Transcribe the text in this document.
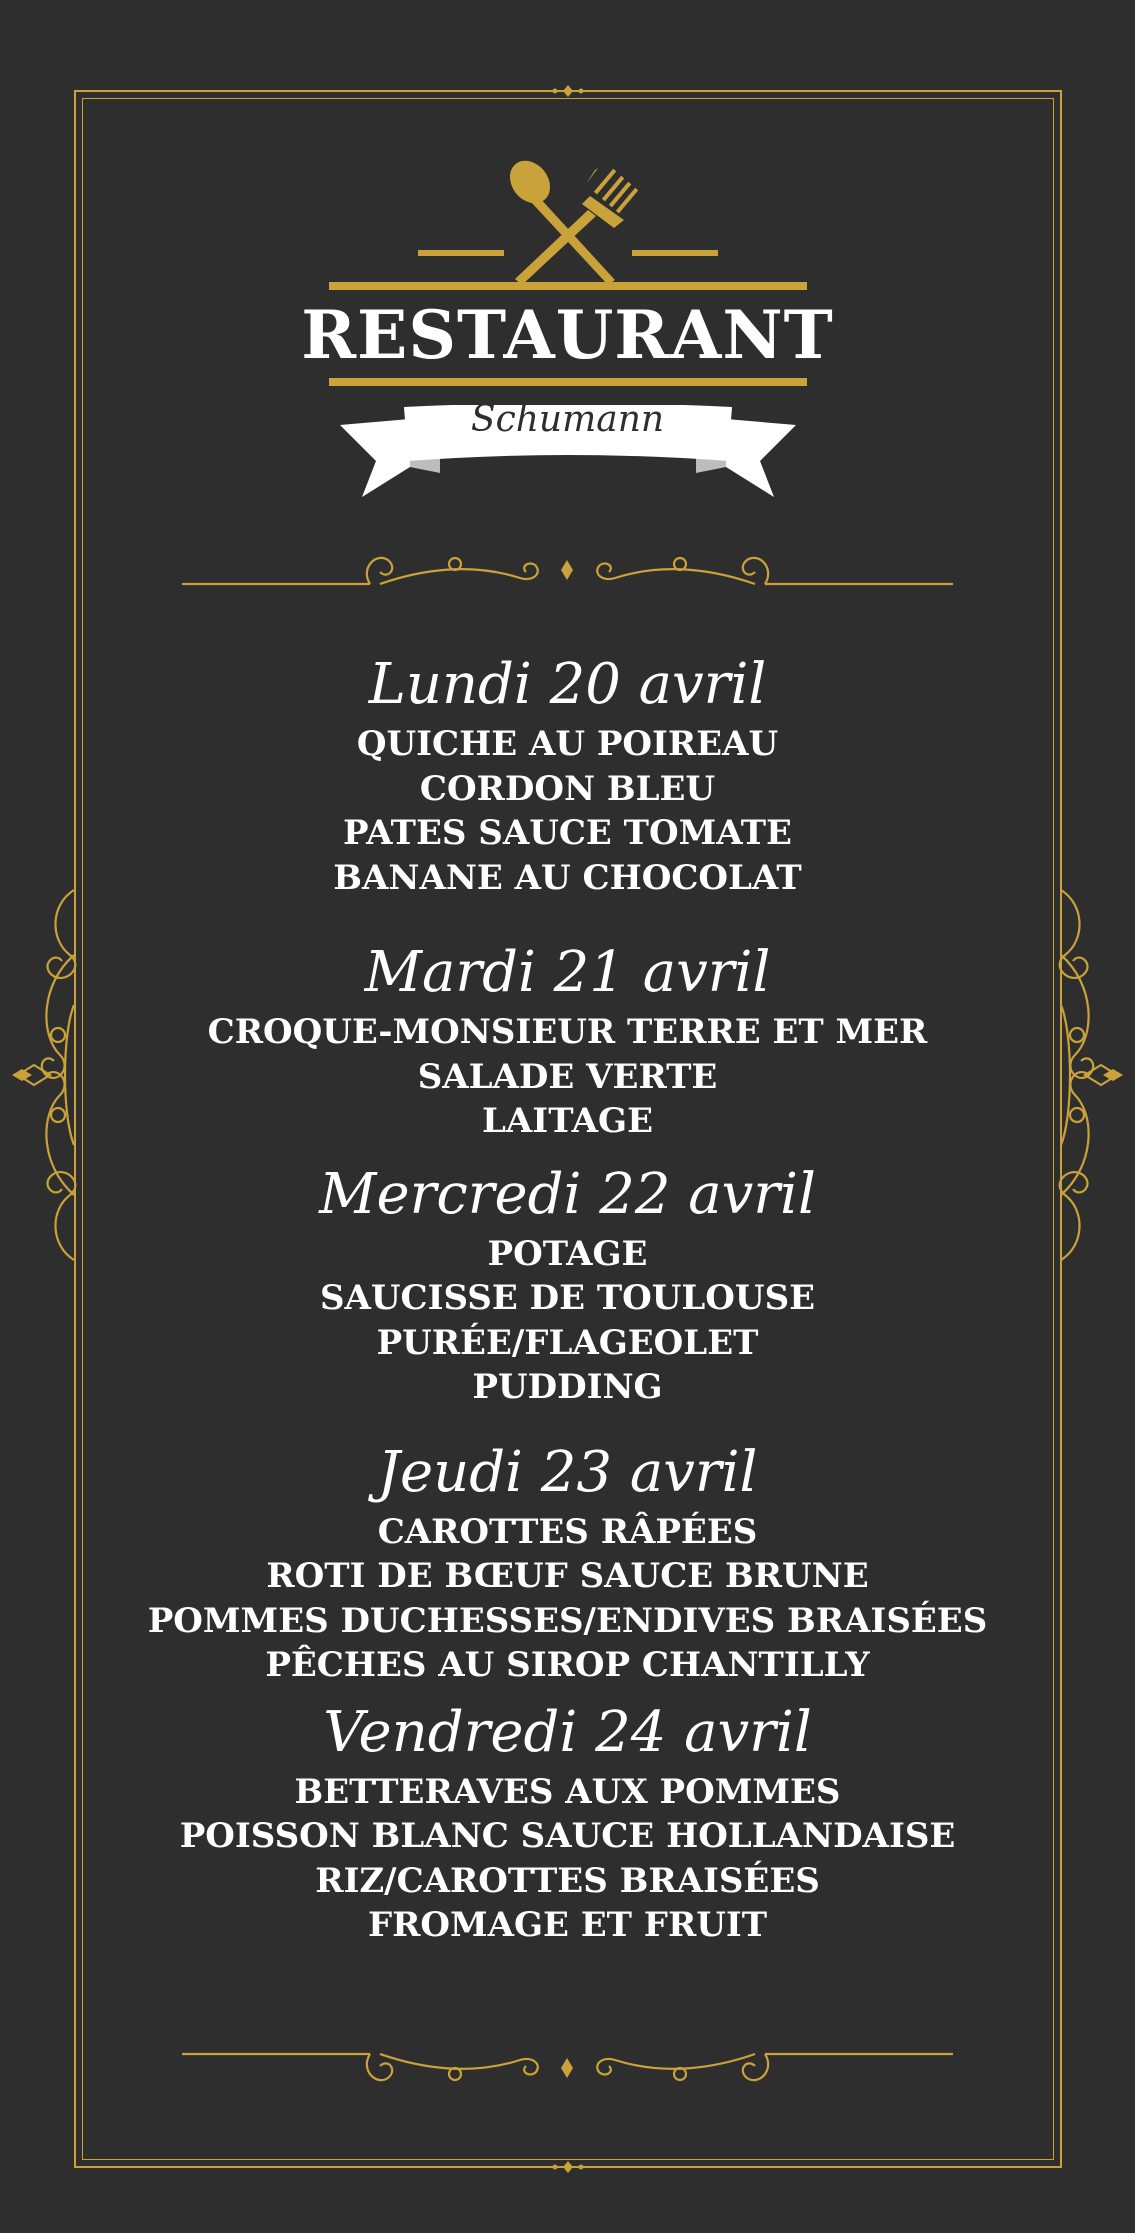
RESTAURANT
Schumann

Lundi 20 avril

QUICHE AU POIREAU

CORDON BLEU

PATES SAUCE TOMATE

BANANE AU CHOCOLAT

Mardi 21 avril

CROQUE-MONSIEUR TERRE ET MER

SALADE VERTE

LAITAGE

Mercredi 22 avril

POTAGE

SAUCISSE DE TOULOUSE

PURÉE/FLAGEOLET

PUDDING

Jeudi 23 avril

CAROTTES RÂPÉES

ROTI DE BŒUF SAUCE BRUNE

POMMES DUCHESSES/ENDIVES BRAISÉES

PÊCHES AU SIROP CHANTILLY

Vendredi 24 avril

BETTERAVES AUX POMMES

POISSON BLANC SAUCE HOLLANDAISE

RIZ/CAROTTES BRAISÉES

FROMAGE ET FRUIT
